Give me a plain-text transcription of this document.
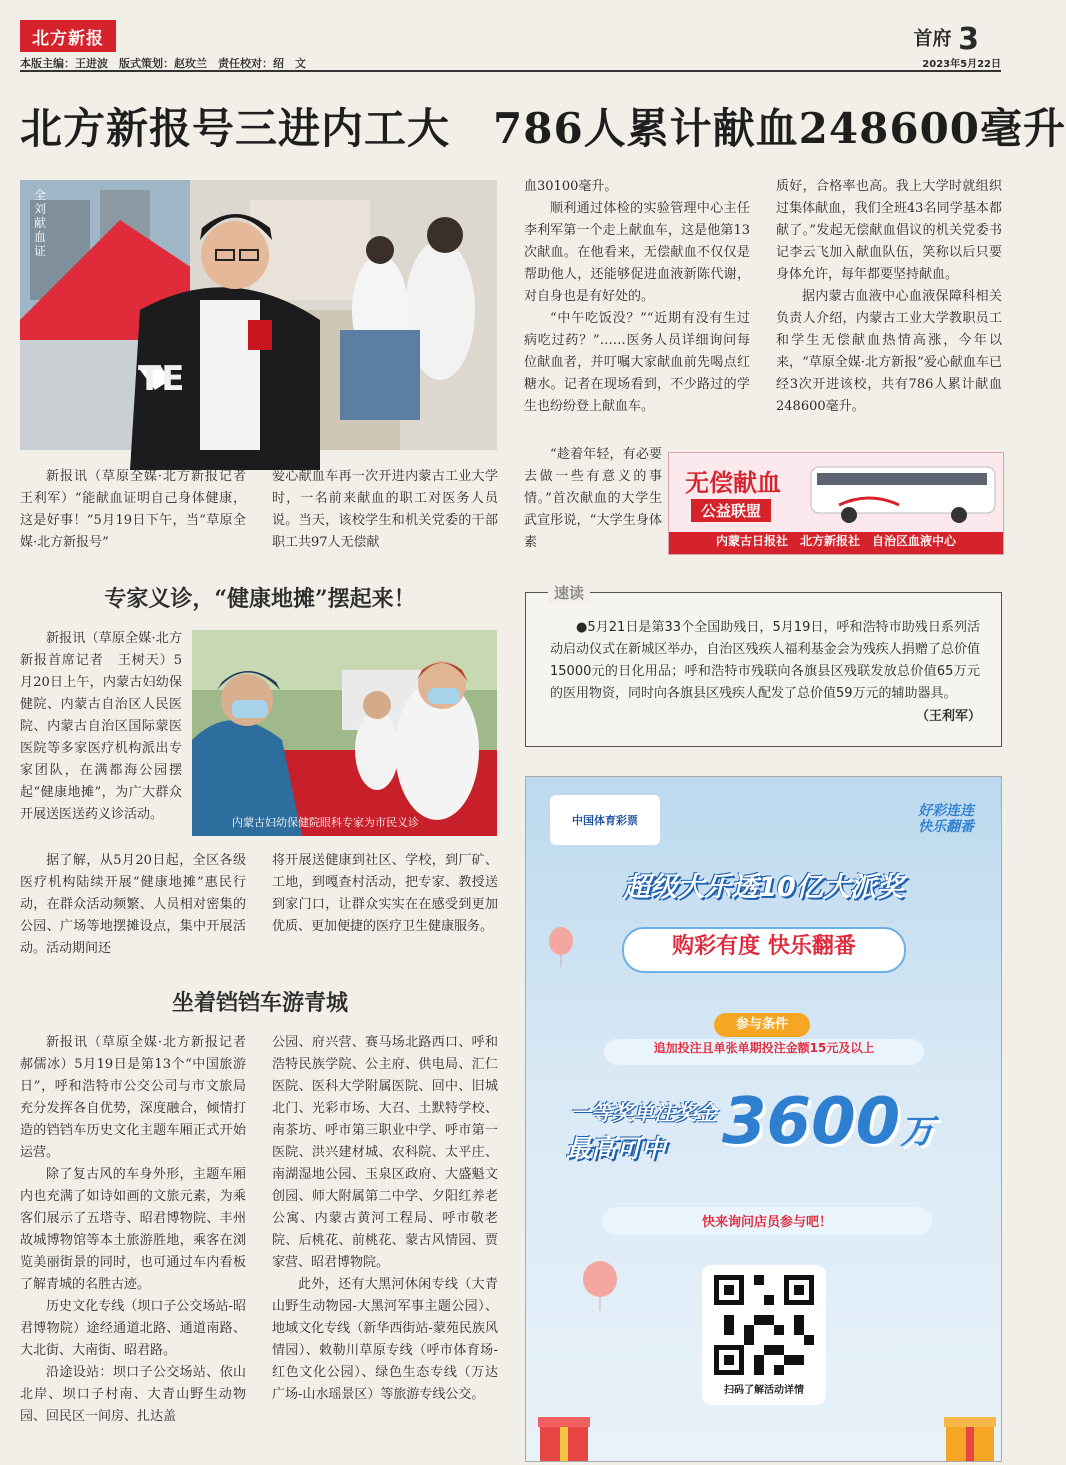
北方新报
本版主编：王进波　版式策划：赵玫兰　责任校对：绍　文
首府 3
2023年5月22日
北方新报号三进内工大　786人累计献血248600毫升
TE
全刘献血证

新报讯（草原全媒·北方新报记者　王利军）“能献血证明自己身体健康，这是好事！”5月19日下午，当“草原全媒·北方新报号”

爱心献血车再一次开进内蒙古工业大学时，一名前来献血的职工对医务人员说。当天，该校学生和机关党委的干部职工共97人无偿献

血30100毫升。

顺利通过体检的实验管理中心主任李利军第一个走上献血车，这是他第13次献血。在他看来，无偿献血不仅仅是帮助他人，还能够促进血液新陈代谢，对自身也是有好处的。

“中午吃饭没？”“近期有没有生过病吃过药？”……医务人员详细询问每位献血者，并叮嘱大家献血前先喝点红糖水。记者在现场看到，不少路过的学生也纷纷登上献血车。

“趁着年轻，有必要去做一些有意义的事情。”首次献血的大学生武宣彤说，“大学生身体素

质好，合格率也高。我上大学时就组织过集体献血，我们全班43名同学基本都献了。”发起无偿献血倡议的机关党委书记李云飞加入献血队伍，笑称以后只要身体允许，每年都要坚持献血。

据内蒙古血液中心血液保障科相关负责人介绍，内蒙古工业大学教职员工和学生无偿献血热情高涨，今年以来，“草原全媒·北方新报”爱心献血车已经3次开进该校，共有786人累计献血248600毫升。

无偿献血
公益联盟
内蒙古日报社　北方新报社　自治区血液中心
速读
●5月21日是第33个全国助残日，5月19日，呼和浩特市助残日系列活动启动仪式在新城区举办，自治区残疾人福利基金会为残疾人捐赠了总价值15000元的日化用品；呼和浩特市残联向各旗县区残联发放总价值65万元的医用物资，同时向各旗县区残疾人配发了总价值59万元的辅助器具。
（王利军）
专家义诊，“健康地摊”摆起来！

新报讯（草原全媒·北方新报首席记者　王树天）5月20日上午，内蒙古妇幼保健院、内蒙古自治区人民医院、内蒙古自治区国际蒙医医院等多家医疗机构派出专家团队，在满都海公园摆起“健康地摊”，为广大群众开展送医送药义诊活动。

内蒙古妇幼保健院眼科专家为市民义诊

据了解，从5月20日起，全区各级医疗机构陆续开展“健康地摊”惠民行动，在群众活动频繁、人员相对密集的公园、广场等地摆摊设点，集中开展活动。活动期间还

将开展送健康到社区、学校，到厂矿、工地，到嘎查村活动，把专家、教授送到家门口，让群众实实在在感受到更加优质、更加便捷的医疗卫生健康服务。

坐着铛铛车游青城

新报讯（草原全媒·北方新报记者　郝儒冰）5月19日是第13个“中国旅游日”，呼和浩特市公交公司与市文旅局充分发挥各自优势，深度融合，倾情打造的铛铛车历史文化主题车厢正式开始运营。

除了复古风的车身外形，主题车厢内也充满了如诗如画的文旅元素，为乘客们展示了五塔寺、昭君博物院、丰州故城博物馆等本土旅游胜地，乘客在浏览美丽街景的同时，也可通过车内看板了解青城的名胜古迹。

历史文化专线（坝口子公交场站-昭君博物院）途经通道北路、通道南路、大北街、大南街、昭君路。

沿途设站：坝口子公交场站、依山北岸、坝口子村南、大青山野生动物园、回民区一间房、扎达盖

公园、府兴营、赛马场北路西口、呼和浩特民族学院、公主府、供电局、汇仁医院、医科大学附属医院、回中、旧城北门、光彩市场、大召、土默特学校、南茶坊、呼市第三职业中学、呼市第一医院、洪兴建材城、农科院、太平庄、南湖湿地公园、玉泉区政府、大盛魁文创园、师大附属第二中学、夕阳红养老公寓、内蒙古黄河工程局、呼市敬老院、后桃花、前桃花、蒙古风情园、贾家营、昭君博物院。

此外，还有大黑河休闲专线（大青山野生动物园-大黑河军事主题公园）、地域文化专线（新华西街站-蒙苑民族风情园）、敕勒川草原专线（呼市体育场-红色文化公园）、绿色生态专线（万达广场-山水瑶景区）等旅游专线公交。

中国体育彩票
好彩连连 快乐翻番
超级大乐透10亿大派奖
购彩有度 快乐翻番
参与条件
追加投注且单张单期投注金额15元及以上
一等奖单注奖金
最高可中 3600万
快来询问店员参与吧！
扫码了解活动详情
